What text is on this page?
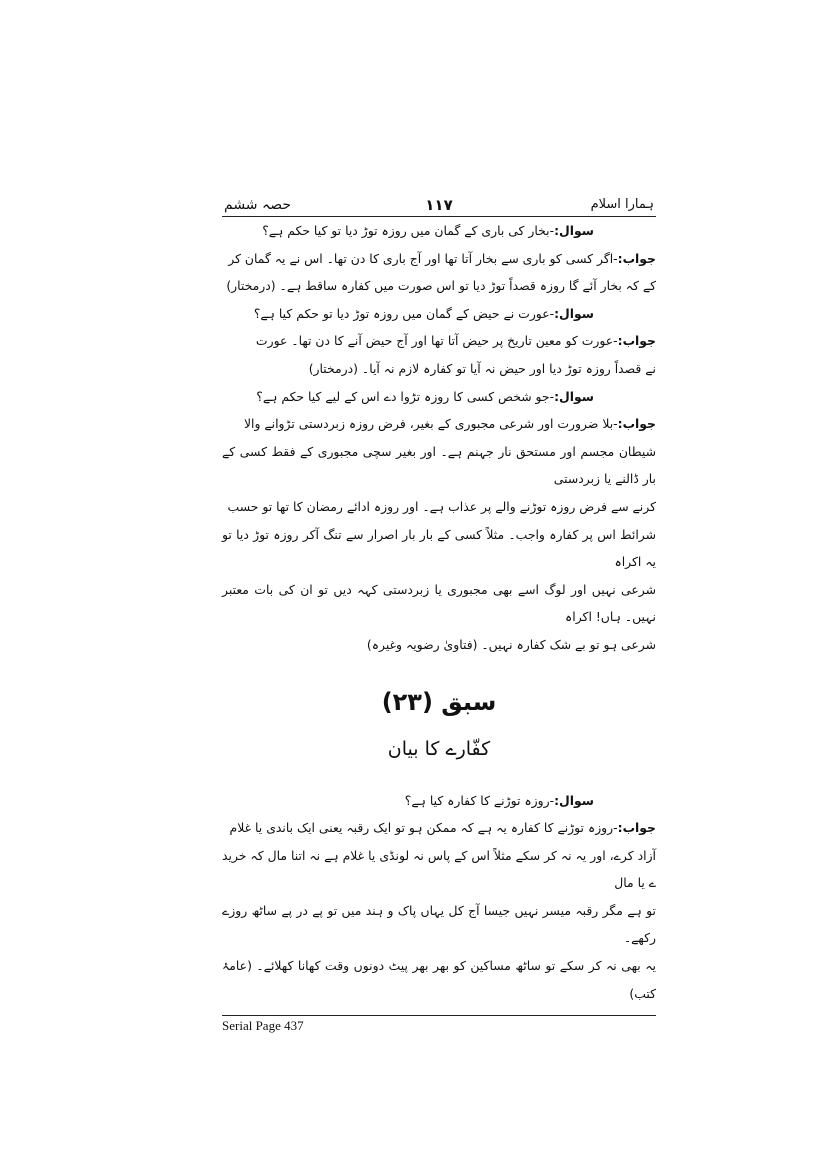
ہمارا اسلام
۱۱۷
حصہ ششم

سوال:-بخار کی باری کے گمان میں روزہ توڑ دیا تو کیا حکم ہے؟

جواب:-اگر کسی کو باری سے بخار آتا تھا اور آج باری کا دن تھا۔ اس نے یہ گمان کر

کے کہ بخار آئے گا روزہ قصداً توڑ دیا تو اس صورت میں کفارہ ساقط ہے۔ (درمختار)

سوال:-عورت نے حیض کے گمان میں روزہ توڑ دیا تو حکم کیا ہے؟

جواب:-عورت کو معین تاریخ پر حیض آتا تھا اور آج حیض آنے کا دن تھا۔ عورت

نے قصداً روزہ توڑ دیا اور حیض نہ آیا تو کفارہ لازم نہ آیا۔ (درمختار)

سوال:-جو شخص کسی کا روزہ تڑوا دے اس کے لیے کیا حکم ہے؟

جواب:-بلا ضرورت اور شرعی مجبوری کے بغیر، فرض روزہ زبردستی تڑوانے والا

شیطان مجسم اور مستحق نار جہنم ہے۔ اور بغیر سچی مجبوری کے فقط کسی کے بار ڈالنے یا زبردستی

کرنے سے فرض روزہ توڑنے والے پر عذاب ہے۔ اور روزہ ادائے رمضان کا تھا تو حسب

شرائط اس پر کفارہ واجب۔ مثلاً کسی کے بار بار اصرار سے تنگ آکر روزہ توڑ دیا تو یہ اکراہ

شرعی نہیں اور لوگ اسے بھی مجبوری یا زبردستی کہہ دیں تو ان کی بات معتبر نہیں۔ ہاں! اکراہ

شرعی ہو تو بے شک کفارہ نہیں۔ (فتاویٰ رضویہ وغیرہ)

سبق (۲۳)
کفّارے کا بیان

سوال:-روزہ توڑنے کا کفارہ کیا ہے؟

جواب:-روزہ توڑنے کا کفارہ یہ ہے کہ ممکن ہو تو ایک رقبہ یعنی ایک باندی یا غلام

آزاد کرے، اور یہ نہ کر سکے مثلاً اس کے پاس نہ لونڈی یا غلام ہے نہ اتنا مال کہ خرید ے یا مال

تو ہے مگر رقبہ میسر نہیں جیسا آج کل یہاں پاک و ہند میں تو پے در پے ساٹھ روزے رکھے۔

یہ بھی نہ کر سکے تو ساٹھ مساکین کو بھر بھر پیٹ دونوں وقت کھانا کھلائے۔ (عامۂ کتب)

Serial Page 437
